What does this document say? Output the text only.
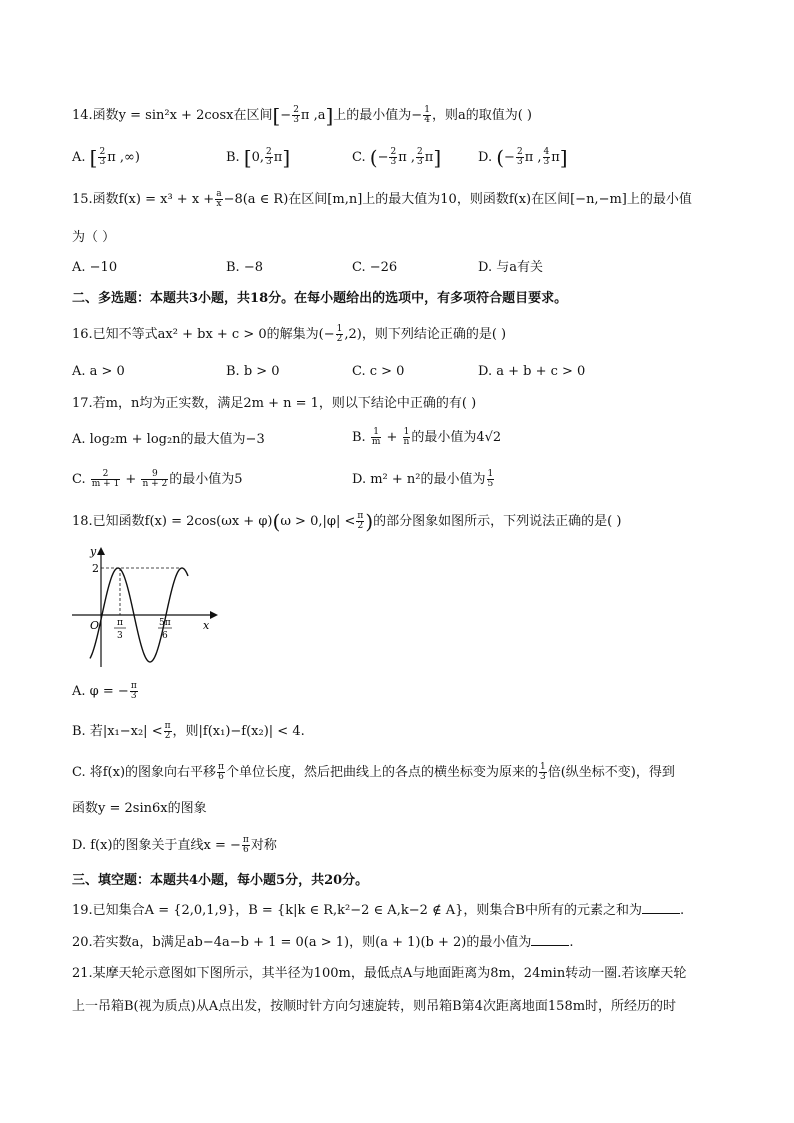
14.函数y = sin²x + 2cosx在区间[− $\frac{2}{3}$ π ,a]上的最小值为− $\frac{1}{4}$ ，则a的取值为( )
A. [ $\frac{2}{3}$ π ,∞)	B. [0, $\frac{2}{3} \pi$]	C. (− $\frac{2}{3}$ π , $\frac{2}{3} \pi$]	D. (− $\frac{2}{3}$ π , $\frac{4}{3} \pi$]
15.函数$f(x) = x^3 + x + \frac{a}{x} -8(a$ ∈ R)在区间[m,n]上的最大值为10，则函数f(x)在区间[−n,−m]上的最小值
为（ ）
A. −10	B. −8	C. −26	D. 与a有关
二、多选题：本题共3小题，共18分。在每小题给出的选项中，有多项符合题目要求。
16.已知不等式ax² + bx + c > 0的解集为(− $\frac{1}{2} ,2$)，则下列结论正确的是( )
A. a > 0	B. b > 0	C. c > 0	D. a + b + c > 0
17.若m，n均为正实数，满足2m + n = 1，则以下结论中正确的有( )
A. log₂m + log₂n的最大值为−3	B. $\frac{1}{m} + \frac{1}{n}$ 的最小值为4√2
C. $\frac{2}{m + 1} + \frac{9}{n + 2}$ 的最小值为5	D. m² + n²的最小值为 $\frac{1}{5}$
18.已知函数$f(x) = 2\cos(\omega x + \varphi)(\omega > 0,|\varphi| < \frac{\pi}{2}$ )的部分图象如图所示，下列说法正确的是( )
y
x
O
2
π
3
5π
6
A. φ = − $\frac{\pi}{3}$
B. 若$|x_1-x_2| < \frac{\pi}{2}$ ，则|f(x₁)−f(x₂)| < 4.
C. 将f(x)的图象向右平移 $\frac{\pi}{6}$ 个单位长度，然后把曲线上的各点的横坐标变为原来的 $\frac{1}{3}$ 倍(纵坐标不变)，得到
函数y = 2sin6x的图象
D. f(x)的图象关于直线x = − $\frac{\pi}{6}$ 对称
三、填空题：本题共4小题，每小题5分，共20分。
19.已知集合A = {2,0,1,9}，B = {k|k ∈ R,k²−2 ∈ A,k−2 ∉ A}，则集合B中所有的元素之和为	.
20.若实数a，b满足ab−4a−b + 1 = 0(a > 1)，则(a + 1)(b + 2)的最小值为	.
21.某摩天轮示意图如下图所示，其半径为100m，最低点A与地面距离为8m，24min转动一圈.若该摩天轮
上一吊箱B(视为质点)从A点出发，按顺时针方向匀速旋转，则吊箱B第4次距离地面158m时，所经历的时
